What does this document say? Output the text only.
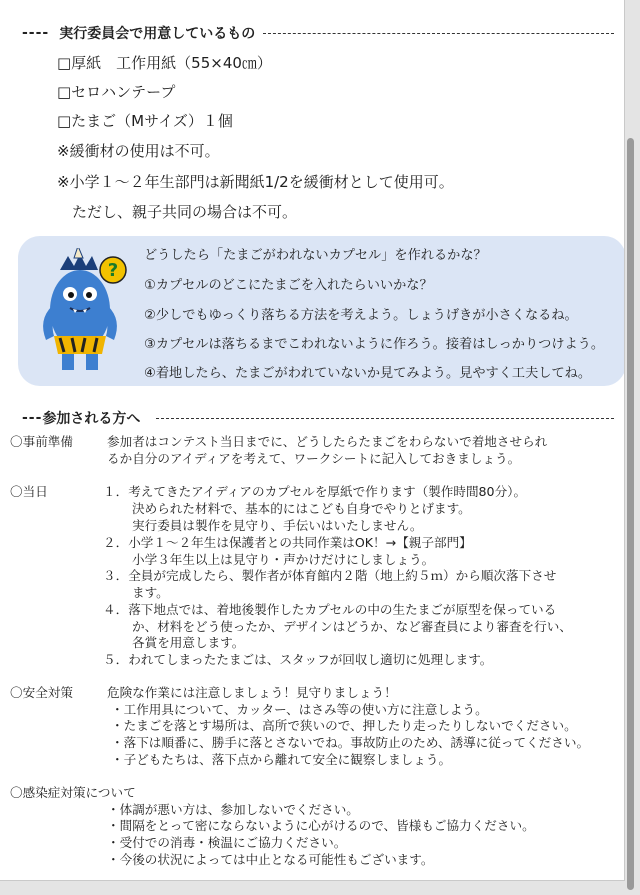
---- 実行委員会で用意しているもの
□厚紙　工作用紙（55×40㎝）
□セロハンテープ
□たまご（Mサイズ）１個
※緩衝材の使用は不可。
※小学１～２年生部門は新聞紙1/2を緩衝材として使用可。
ただし、親子共同の場合は不可。
?
どうしたら「たまごがわれないカプセル」を作れるかな？
①カプセルのどこにたまごを入れたらいいかな？
②少しでもゆっくり落ちる方法を考えよう。しょうげきが小さくなるね。
③カプセルは落ちるまでこわれないように作ろう。接着はしっかりつけよう。
④着地したら、たまごがわれていないか見てみよう。見やすく工夫してね。
--- 参加される方へ
〇事前準備	参加者はコンテスト当日までに、どうしたらたまごをわらないで着地させられ
るか自分のアイディアを考えて、ワークシートに記入しておきましょう。
〇当日	１．考えてきたアイディアのカプセルを厚紙で作ります（製作時間80分）。
決められた材料で、基本的にはこども自身でやりとげます。
実行委員は製作を見守り、手伝いはいたしません。
２．小学１～２年生は保護者との共同作業はOK！→【親子部門】
小学３年生以上は見守り・声かけだけにしましょう。
３．全員が完成したら、製作者が体育館内２階（地上約５ｍ）から順次落下させ
ます。
４．落下地点では、着地後製作したカプセルの中の生たまごが原型を保っている
か、材料をどう使ったか、デザインはどうか、など審査員により審査を行い、
各賞を用意します。
５．われてしまったたまごは、スタッフが回収し適切に処理します。
〇安全対策	危険な作業には注意しましょう！見守りましょう！
・工作用具について、カッター、はさみ等の使い方に注意しよう。
・たまごを落とす場所は、高所で狭いので、押したり走ったりしないでください。
・落下は順番に、勝手に落とさないでね。事故防止のため、誘導に従ってください。
・子どもたちは、落下点から離れて安全に観察しましょう。
〇感染症対策について
・体調が悪い方は、参加しないでください。
・間隔をとって密にならないように心がけるので、皆様もご協力ください。
・受付での消毒・検温にご協力ください。
・今後の状況によっては中止となる可能性もございます。
